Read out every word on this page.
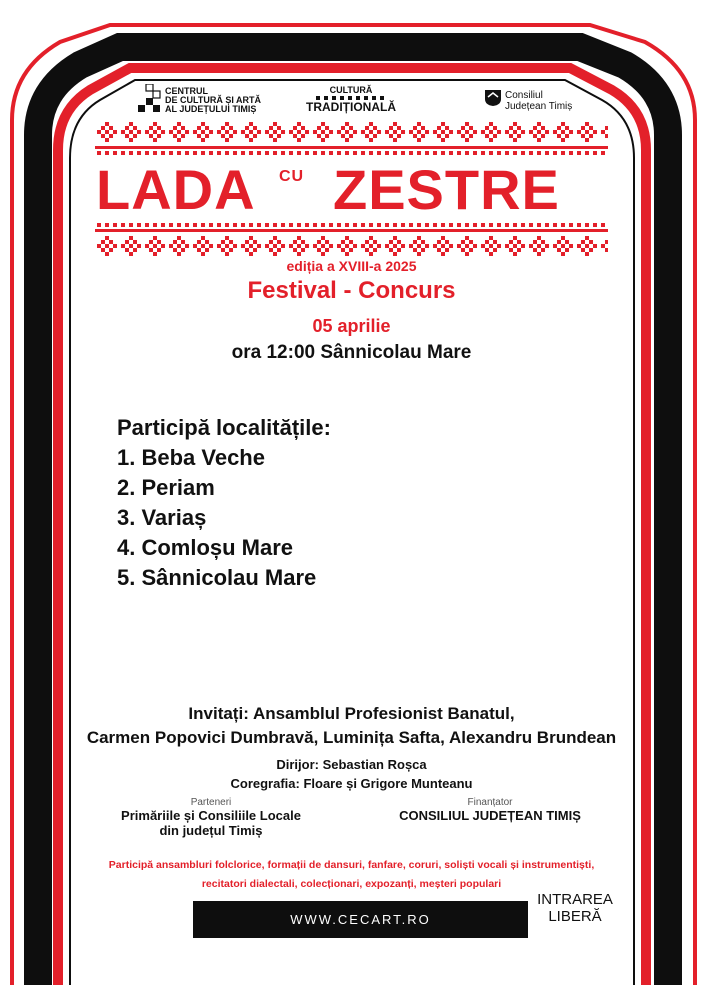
CENTRUL
DE CULTURĂ ȘI ARTĂ
AL JUDEȚULUI TIMIȘ
CULTURĂ
TRADIȚIONALĂ
Consiliul
Județean Timiș
LADA CU ZESTRE
ediția a XVIII-a 2025
Festival - Concurs
05 aprilie
ora 12:00 Sânnicolau Mare
Participă localitățile:
1. Beba Veche
2. Periam
3. Variaș
4. Comloșu Mare
5. Sânnicolau Mare
Invitați: Ansamblul Profesionist Banatul,
Carmen Popovici Dumbravă, Luminița Safta, Alexandru Brundean
Dirijor: Sebastian Roșca
Coregrafia: Floare și Grigore Munteanu
Parteneri
Primăriile și Consiliile Locale
din județul Timiș
Finanțator
CONSILIUL JUDEȚEAN TIMIȘ
Participă ansambluri folclorice, formații de dansuri, fanfare, coruri, soliști vocali și instrumentiști,
recitatori dialectali, colecționari, expozanți, meșteri populari
WWW.CECART.RO
INTRAREA
LIBERĂ
